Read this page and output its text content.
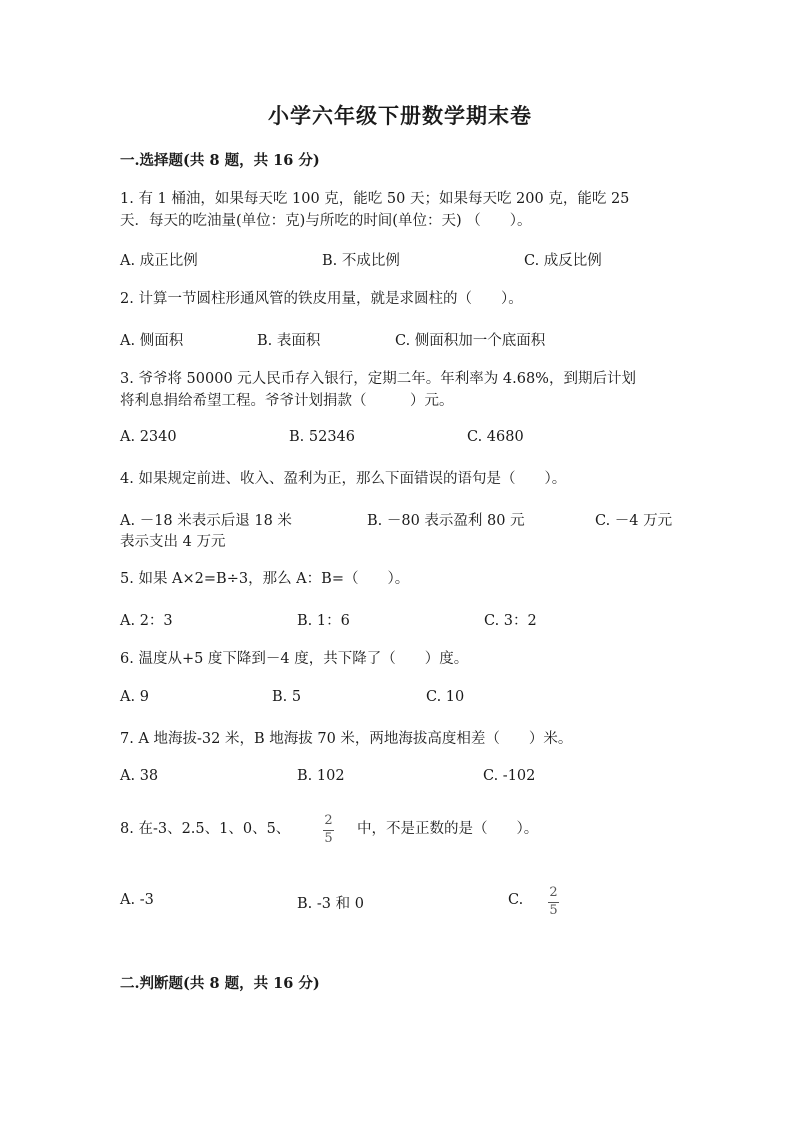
小学六年级下册数学期末卷
一.选择题(共 8 题，共 16 分)
1. 有 1 桶油，如果每天吃 100 克，能吃 50 天；如果每天吃 200 克，能吃 25
天．每天的吃油量(单位：克)与所吃的时间(单位：天) （　　）。
A. 成正比例	B. 不成比例	C. 成反比例
2. 计算一节圆柱形通风管的铁皮用量，就是求圆柱的（　　）。
A. 侧面积	B. 表面积	C. 侧面积加一个底面积
3. 爷爷将 50000 元人民币存入银行，定期二年。年利率为 4.68%，到期后计划
将利息捐给希望工程。爷爷计划捐款（　　　）元。
A. 2340	B. 52346	C. 4680
4. 如果规定前进、收入、盈利为正，那么下面错误的语句是（　　）。
A. －18 米表示后退 18 米	B. －80 表示盈利 80 元	C. －4 万元
表示支出 4 万元
5. 如果 A×2=B÷3，那么 A：B=（　　）。
A. 2：3	B. 1：6	C. 3：2
6. 温度从+5 度下降到－4 度，共下降了（　　）度。
A. 9	B. 5	C. 10
7. A 地海拔-32 米，B 地海拔 70 米，两地海拔高度相差（　　）米。
A. 38	B. 102	C. -102
8. 在-3、2.5、1、0、5、
2
5
中，不是正数的是（　　）。
A. -3	B. -3 和 0	C. 2
5
二.判断题(共 8 题，共 16 分)
